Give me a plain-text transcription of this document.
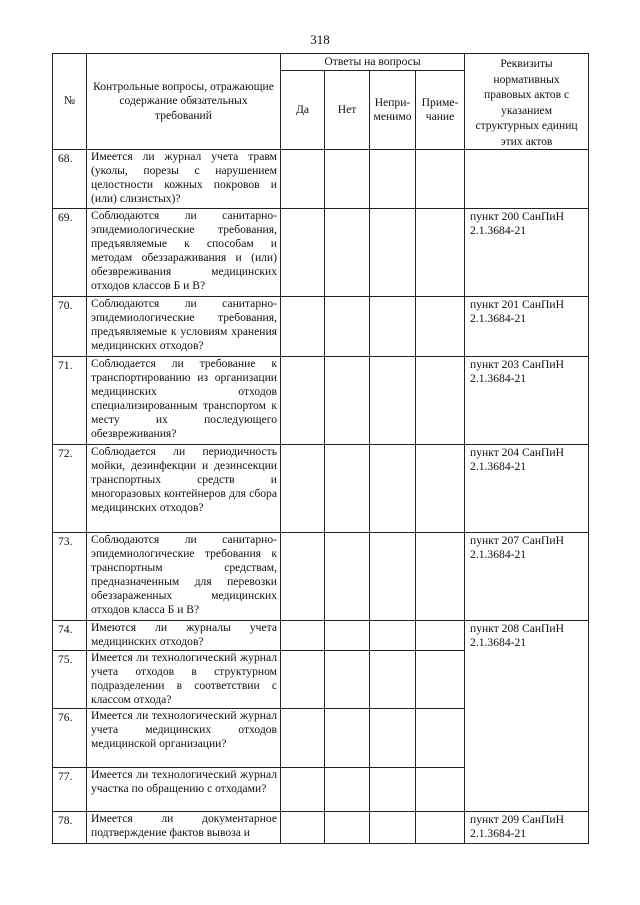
318
№	Контрольные вопросы, отражающие содержание обязательных требований	Ответы на вопросы				Реквизиты нормативных правовых актов с указанием структурных единиц этих актов
		Да	Нет	Непри-менимо	Приме-чание	
68.	Имеется ли журнал учета травм (уколы, порезы с нарушением целостности кожных покровов и (или) слизистых)?					
69.	Соблюдаются ли санитарно-эпидемиологические требования, предъявляемые к способам и методам обеззараживания и (или) обезвреживания медицинских отходов классов Б и В?					пункт 200 СанПиН 2.1.3684-21
70.	Соблюдаются ли санитарно-эпидемиологические требования, предъявляемые к условиям хранения медицинских отходов?					пункт 201 СанПиН 2.1.3684-21
71.	Соблюдается ли требование к транспортированию из организации медицинских отходов специализированным транспортом к месту их последующего обезвреживания?					пункт 203 СанПиН 2.1.3684-21
72.	Соблюдается ли периодичность мойки, дезинфекции и дезинсекции транспортных средств и многоразовых контейнеров для сбора медицинских отходов?					пункт 204 СанПиН 2.1.3684-21
73.	Соблюдаются ли санитарно-эпидемиологические требования к транспортным средствам, предназначенным для перевозки обеззараженных медицинских отходов класса Б и В?					пункт 207 СанПиН 2.1.3684-21
74.	Имеются ли журналы учета медицинских отходов?					пункт 208 СанПиН 2.1.3684-21
75.	Имеется ли технологический журнал учета отходов в структурном подразделении в соответствии с классом отхода?					
76.	Имеется ли технологический журнал учета медицинских отходов медицинской организации?					
77.	Имеется ли технологический журнал участка по обращению с отходами?					
78.	Имеется ли документарное подтверждение фактов вывоза и					пункт 209 СанПиН 2.1.3684-21
